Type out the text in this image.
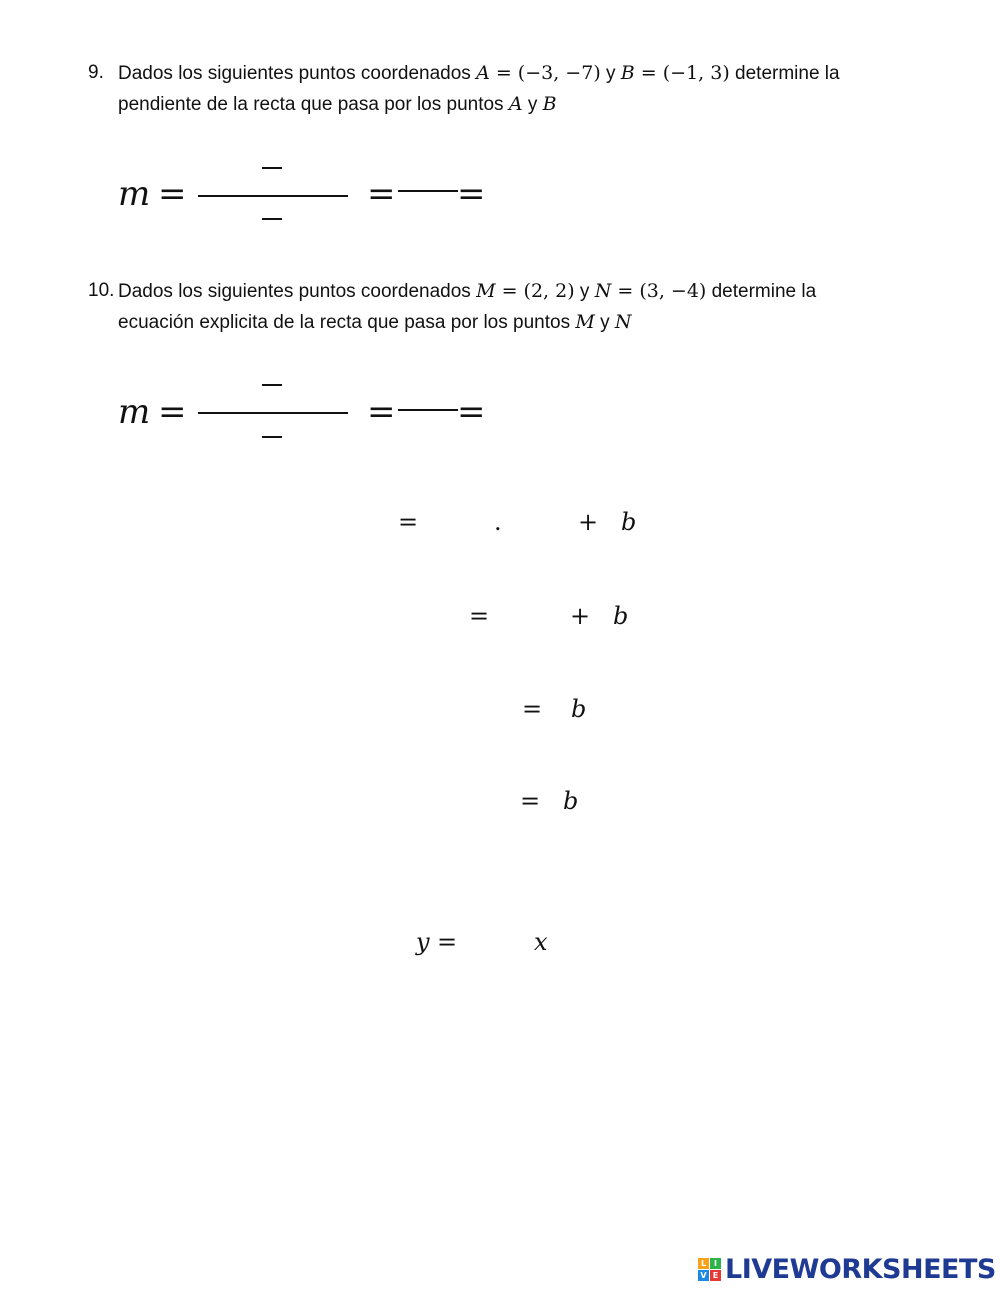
9. Dados los siguientes puntos coordenados A = (−3, −7) y B = (−1, 3) determine la
pendiente de la recta que pasa por los puntos A y B
m =	= =
10. Dados los siguientes puntos coordenados M = (2, 2) y N = (3, −4) determine la
ecuación explicita de la recta que pasa por los puntos M y N
m =	= =
=	.	+ b
=	+ b
= b
= b
y =	x
L I
V E LIVEWORKSHEETS
